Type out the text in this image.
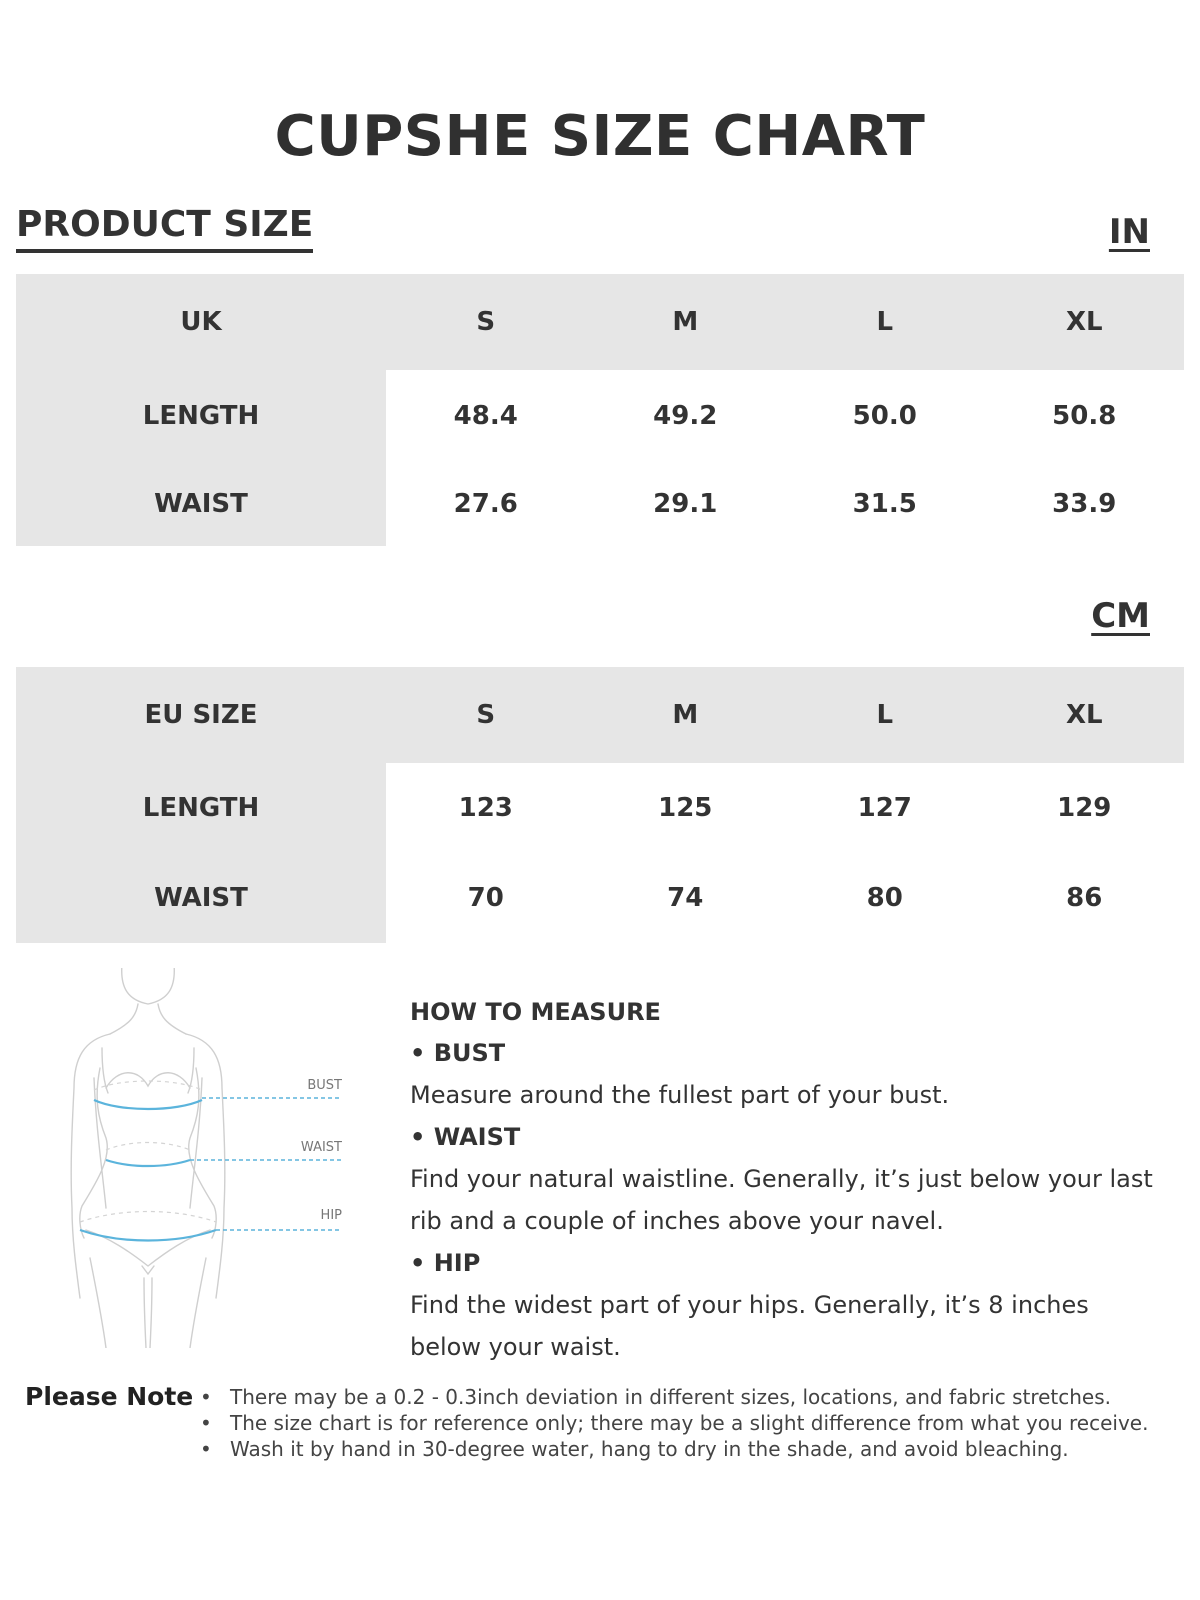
CUPSHE SIZE CHART
PRODUCT SIZE	IN
UK	S	M	L	XL
LENGTH	48.4	49.2	50.0	50.8
WAIST	27.6	29.1	31.5	33.9
CM
EU SIZE	S	M	L	XL
LENGTH	123	125	127	129
WAIST	70	74	80	86
BUST
WAIST
HIP
HOW TO MEASURE
• BUST
Measure around the fullest part of your bust.
• WAIST
Find your natural waistline. Generally, it’s just below your last
rib and a couple of inches above your navel.
• HIP
Find the widest part of your hips. Generally, it’s 8 inches
below your waist.
Please Note • There may be a 0.2 - 0.3inch deviation in different sizes, locations, and fabric stretches.
• The size chart is for reference only; there may be a slight difference from what you receive.
• Wash it by hand in 30-degree water, hang to dry in the shade, and avoid bleaching.
